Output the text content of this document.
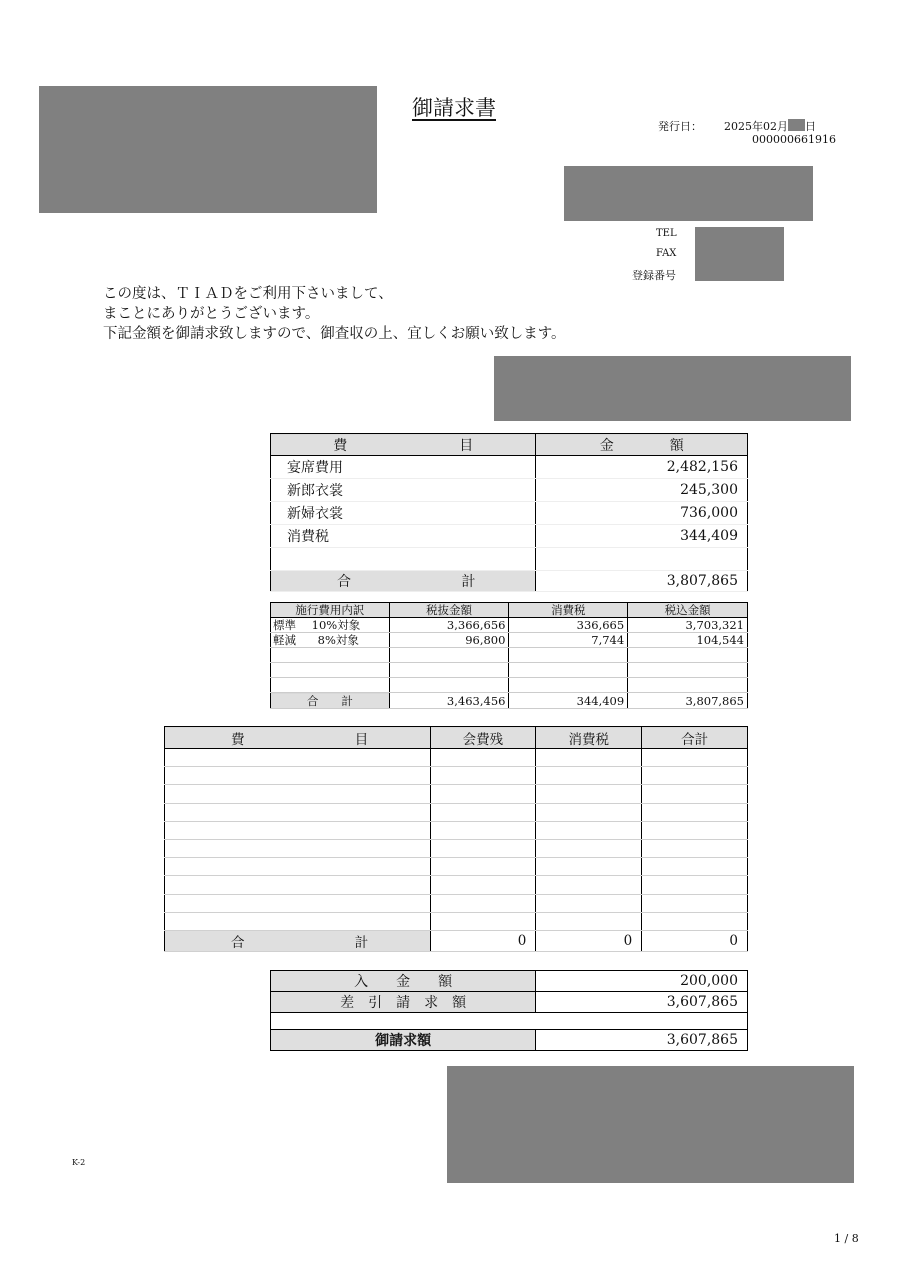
御請求書
発行日： 2025年02月 日
000000661916
TEL
FAX
登録番号
この度は、ＴＩＡＤをご利用下さいまして、
まことにありがとうございます。
下記金額を御請求致しますので、御査収の上、宜しくお願い致します。
費　　　　　　　　目	金　　　　額
宴席費用	2,482,156
新郎衣裳	245,300
新婦衣裳	736,000
消費税	344,409

合 計	3,807,865
施行費用内訳	税抜金額	消費税	税込金額
標準 10%対象	3,366,656	336,665	3,703,321
軽減 8%対象	96,800	7,744	104,544

合　　計	3,463,456	344,409	3,807,865
費 目	会費残	消費税	合計

合 計	0	0	0
入　　金　　額	200,000
差　引　請　求　額	3,607,865

御請求額	3,607,865
K-2
1 / 8
